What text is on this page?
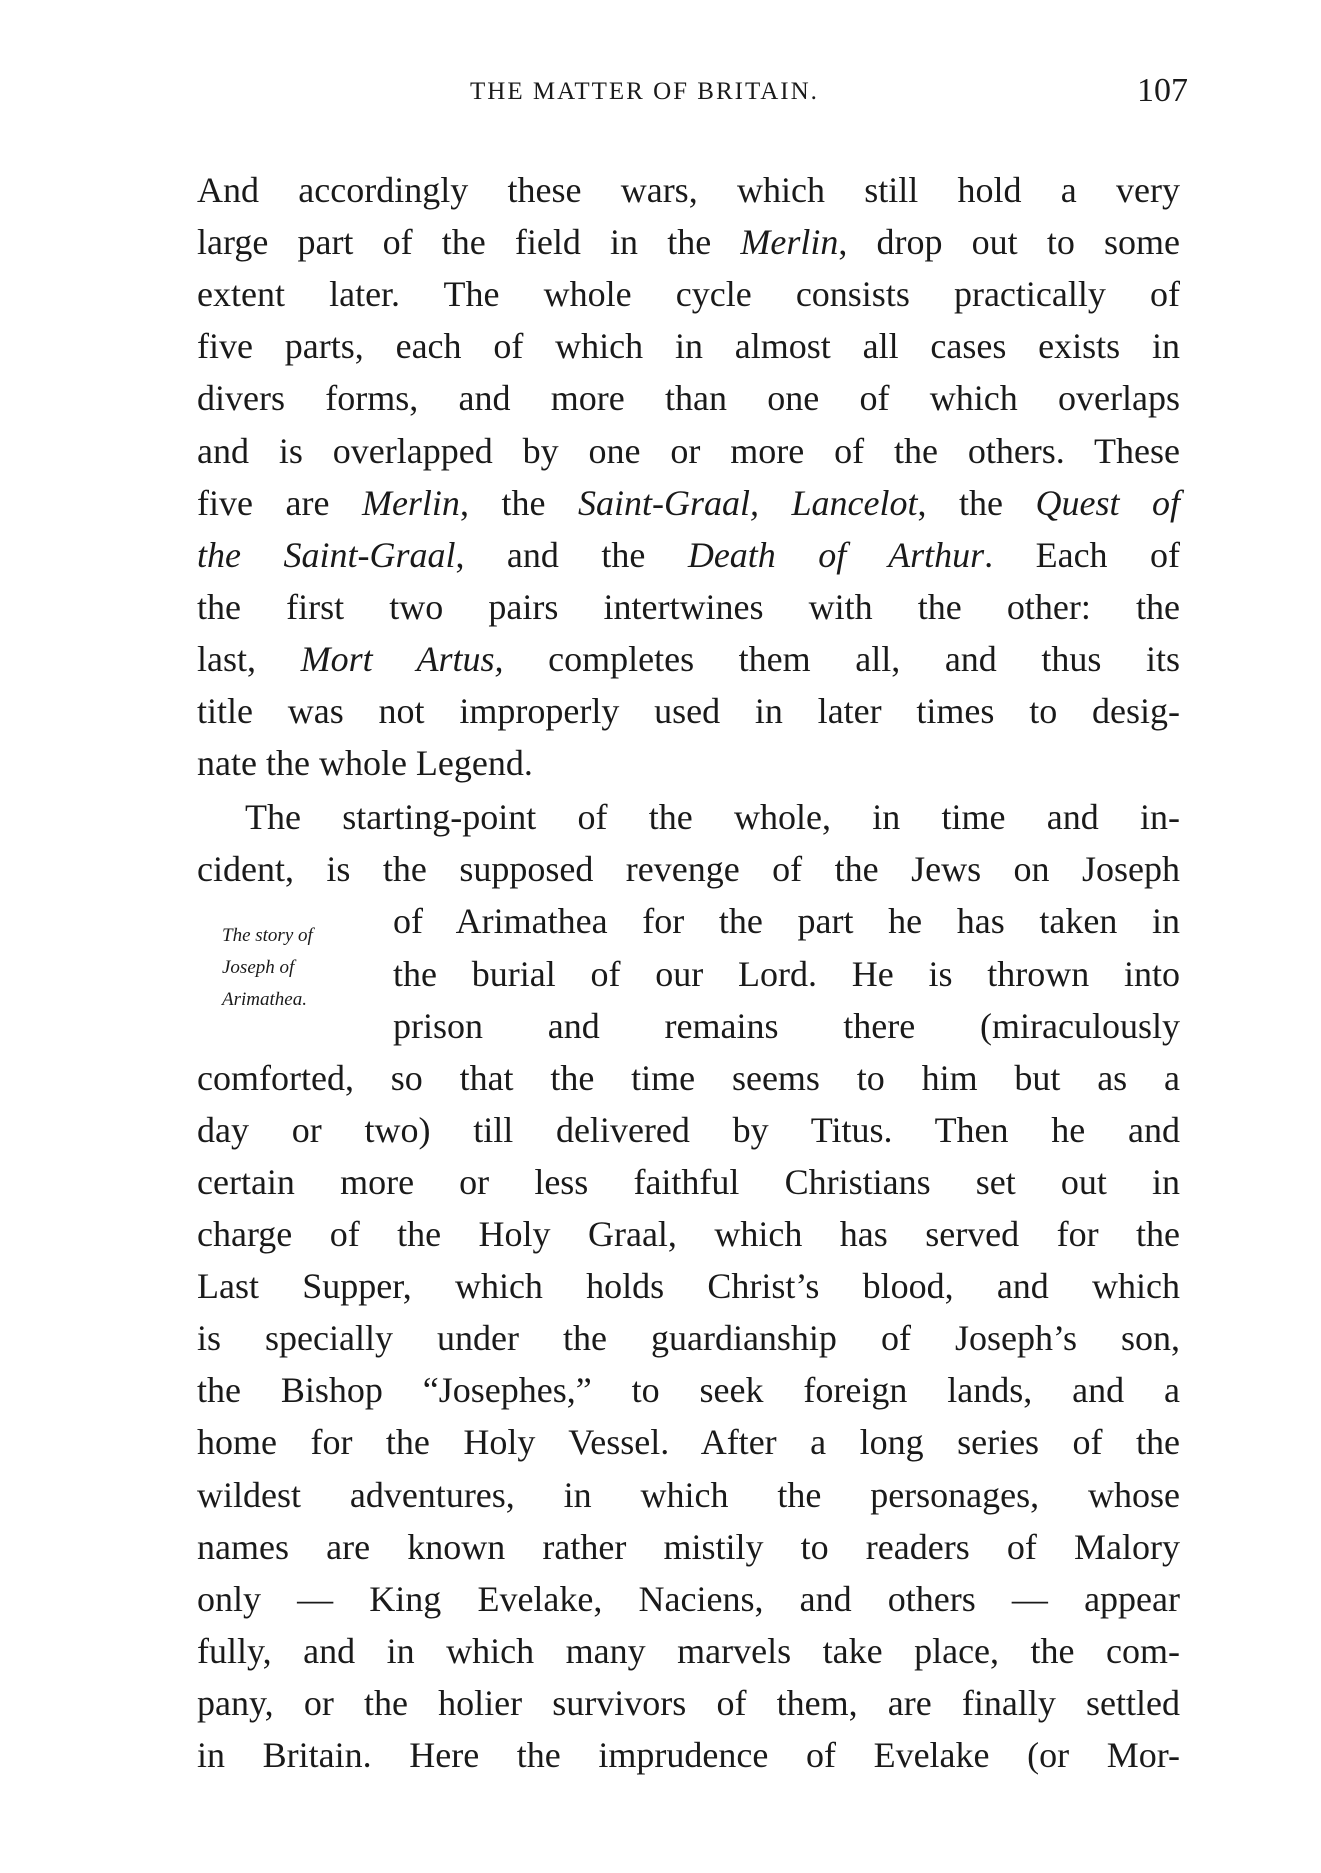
THE MATTER OF BRITAIN.	107
The story of
Joseph of
Arimathea.
And accordingly these wars, which still hold a very
large part of the field in the Merlin, drop out to some
extent later. The whole cycle consists practically of
five parts, each of which in almost all cases exists in
divers forms, and more than one of which overlaps
and is overlapped by one or more of the others. These
five are Merlin, the Saint-Graal, Lancelot, the Quest of
the Saint-Graal, and the Death of Arthur. Each of
the first two pairs intertwines with the other: the
last, Mort Artus, completes them all, and thus its
title was not improperly used in later times to desig-
nate the whole Legend.
The starting-point of the whole, in time and in-
cident, is the supposed revenge of the Jews on Joseph
of Arimathea for the part he has taken in
the burial of our Lord. He is thrown into
prison and remains there (miraculously
comforted, so that the time seems to him but as a
day or two) till delivered by Titus. Then he and
certain more or less faithful Christians set out in
charge of the Holy Graal, which has served for the
Last Supper, which holds Christ’s blood, and which
is specially under the guardianship of Joseph’s son,
the Bishop “Josephes,” to seek foreign lands, and a
home for the Holy Vessel. After a long series of the
wildest adventures, in which the personages, whose
names are known rather mistily to readers of Malory
only — King Evelake, Naciens, and others — appear
fully, and in which many marvels take place, the com-
pany, or the holier survivors of them, are finally settled
in Britain. Here the imprudence of Evelake (or Mor-
